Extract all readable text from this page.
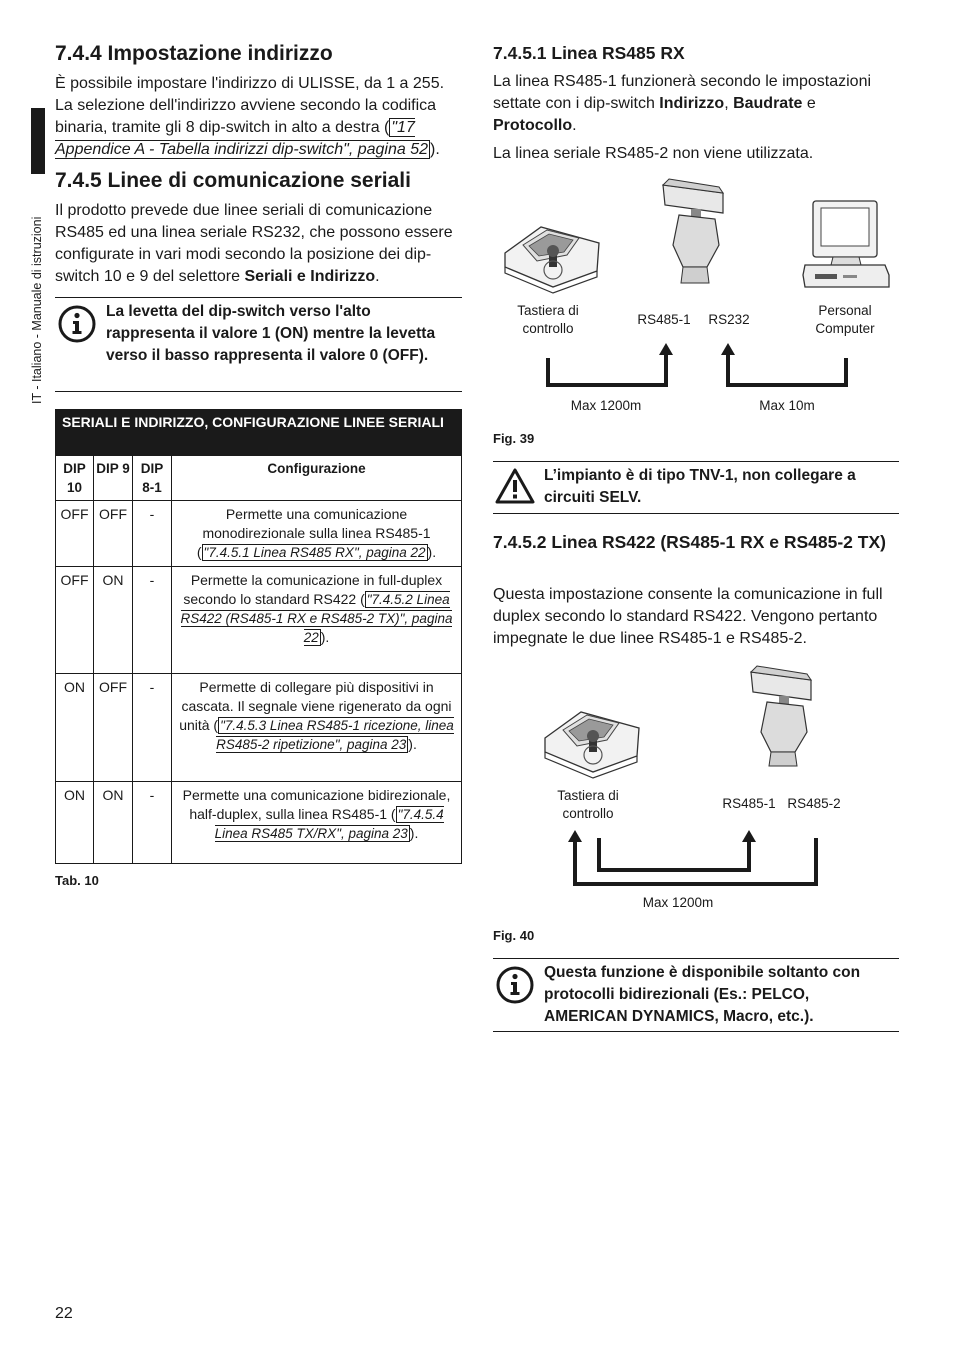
IT - Italiano - Manuale di istruzioni
22
7.4.4 Impostazione indirizzo
È possibile impostare l'indirizzo di ULISSE, da 1 a 255. La selezione dell'indirizzo avviene secondo la codifica binaria, tramite gli 8 dip-switch in alto a destra ( "17 Appendice A - Tabella indirizzi dip-switch", pagina 52 ).
7.4.5 Linee di comunicazione seriali
Il prodotto prevede due linee seriali di comunicazione RS485 ed una linea seriale RS232, che possono essere configurate in vari modi secondo la posizione dei dip-switch 10 e 9 del selettore Seriali e Indirizzo.
La levetta del dip-switch verso l'alto rappresenta il valore 1 (ON) mentre la levetta verso il basso rappresenta il valore 0 (OFF).
SERIALI E INDIRIZZO, CONFIGURAZIONE LINEE SERIALI			
DIP 10	DIP 9	DIP 8-1	Configurazione
OFF	OFF	-	Permette una comunicazione monodirezionale sulla linea RS485-1 ( "7.4.5.1 Linea RS485 RX", pagina 22 ).
OFF	ON	-	Permette la comunicazione in full-duplex secondo lo standard RS422 ( "7.4.5.2 Linea RS422 (RS485-1 RX e RS485-2 TX)", pagina 22 ).
ON	OFF	-	Permette di collegare più dispositivi in cascata. Il segnale viene rigenerato da ogni unità ( "7.4.5.3 Linea RS485-1 ricezione, linea RS485-2 ripetizione", pagina 23 ).
ON	ON	-	Permette una comunicazione bidirezionale, half-duplex, sulla linea RS485-1 ( "7.4.5.4 Linea RS485 TX/RX", pagina 23 ).
Tab. 10
7.4.5.1 Linea RS485 RX
La linea RS485-1 funzionerà secondo le impostazioni settate con i dip-switch Indirizzo, Baudrate e Protocollo.
La linea seriale RS485-2 non viene utilizzata.
Tastiera di controllo
RS485-1	RS232
Personal Computer
Max 1200m	Max 10m
Fig. 39
L’impianto è di tipo TNV-1, non collegare a circuiti SELV.
7.4.5.2 Linea RS422 (RS485-1 RX e RS485-2 TX)
Questa impostazione consente la comunicazione in full duplex secondo lo standard RS422. Vengono pertanto impegnate le due linee RS485-1 e RS485-2.
Tastiera di controllo
RS485-1 RS485-2
Max 1200m
Fig. 40
Questa funzione è disponibile soltanto con protocolli bidirezionali (Es.: PELCO, AMERICAN DYNAMICS, Macro, etc.).
